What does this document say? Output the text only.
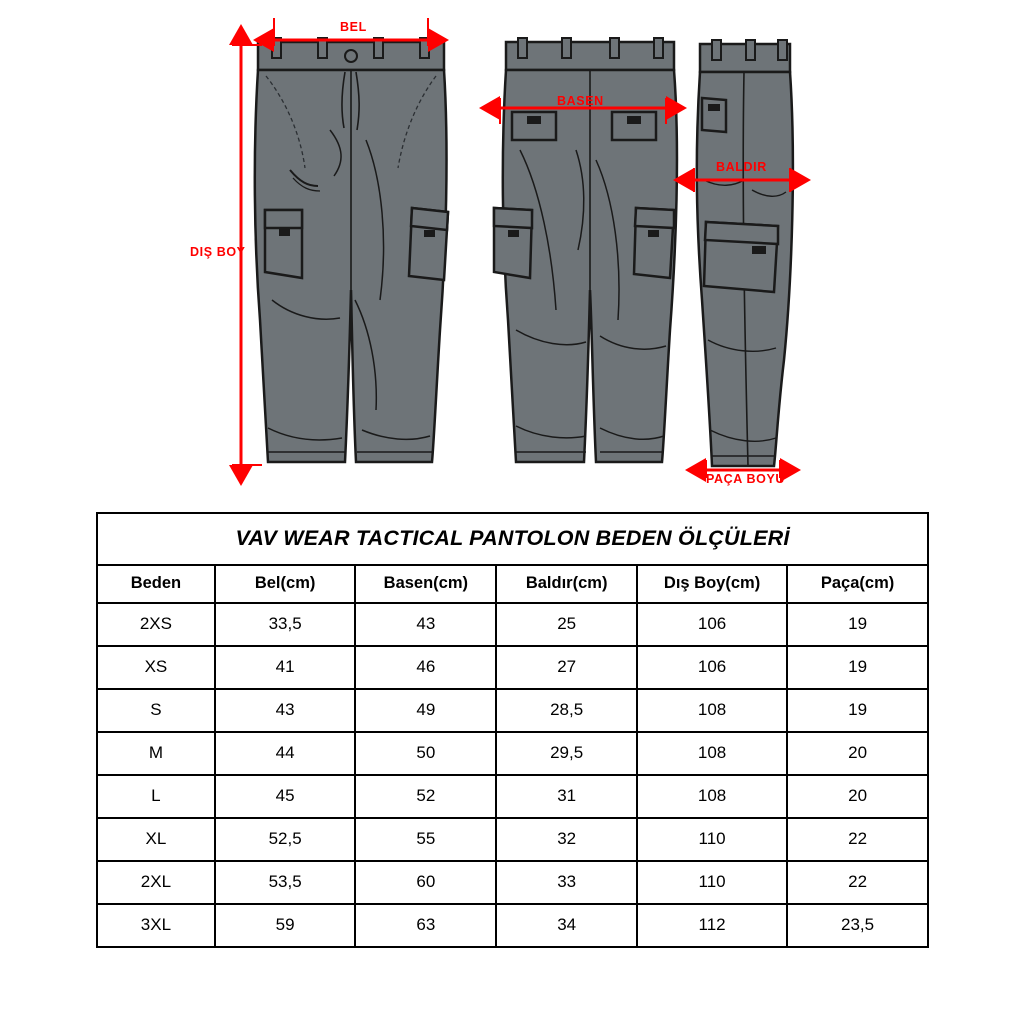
BEL
DIŞ BOY
BASEN
BALDIR
PAÇA BOYU
VAV WEAR TACTICAL PANTOLON BEDEN ÖLÇÜLERİ					
Beden	Bel(cm)	Basen(cm)	Baldır(cm)	Dış Boy(cm)	Paça(cm)
2XS	33,5	43	25	106	19
XS	41	46	27	106	19
S	43	49	28,5	108	19
M	44	50	29,5	108	20
L	45	52	31	108	20
XL	52,5	55	32	110	22
2XL	53,5	60	33	110	22
3XL	59	63	34	112	23,5
